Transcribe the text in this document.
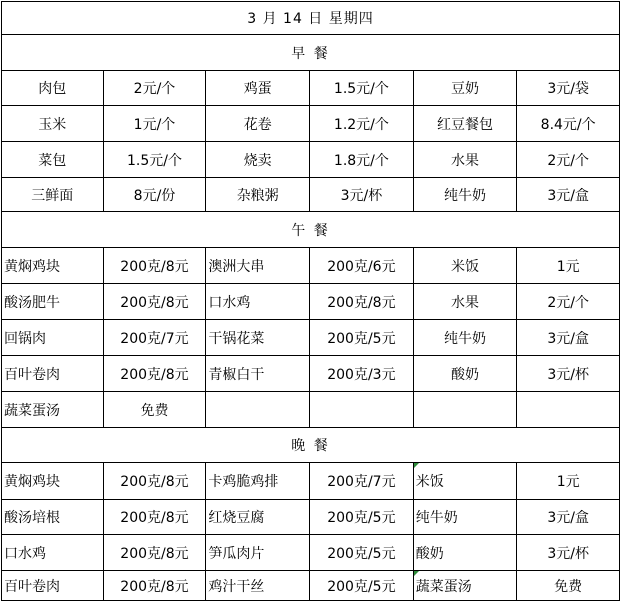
3 月 14 日 星期四					
早 餐					
肉包	2元/个	鸡蛋	1.5元/个	豆奶	3元/袋
玉米	1元/个	花卷	1.2元/个	红豆餐包	8.4元/个
菜包	1.5元/个	烧卖	1.8元/个	水果	2元/个
三鲜面	8元/份	杂粮粥	3元/杯	纯牛奶	3元/盒
午 餐					
黄焖鸡块	200克/8元	澳洲大串	200克/6元	米饭	1元
酸汤肥牛	200克/8元	口水鸡	200克/8元	水果	2元/个
回锅肉	200克/7元	干锅花菜	200克/5元	纯牛奶	3元/盒
百叶卷肉	200克/8元	青椒白干	200克/3元	酸奶	3元/杯
蔬菜蛋汤	免费				
晚 餐					
黄焖鸡块	200克/8元	卡鸡脆鸡排	200克/7元	米饭	1元
酸汤培根	200克/8元	红烧豆腐	200克/5元	纯牛奶	3元/盒
口水鸡	200克/8元	笋瓜肉片	200克/5元	酸奶	3元/杯
百叶卷肉	200克/8元	鸡汁干丝	200克/5元	蔬菜蛋汤	免费
